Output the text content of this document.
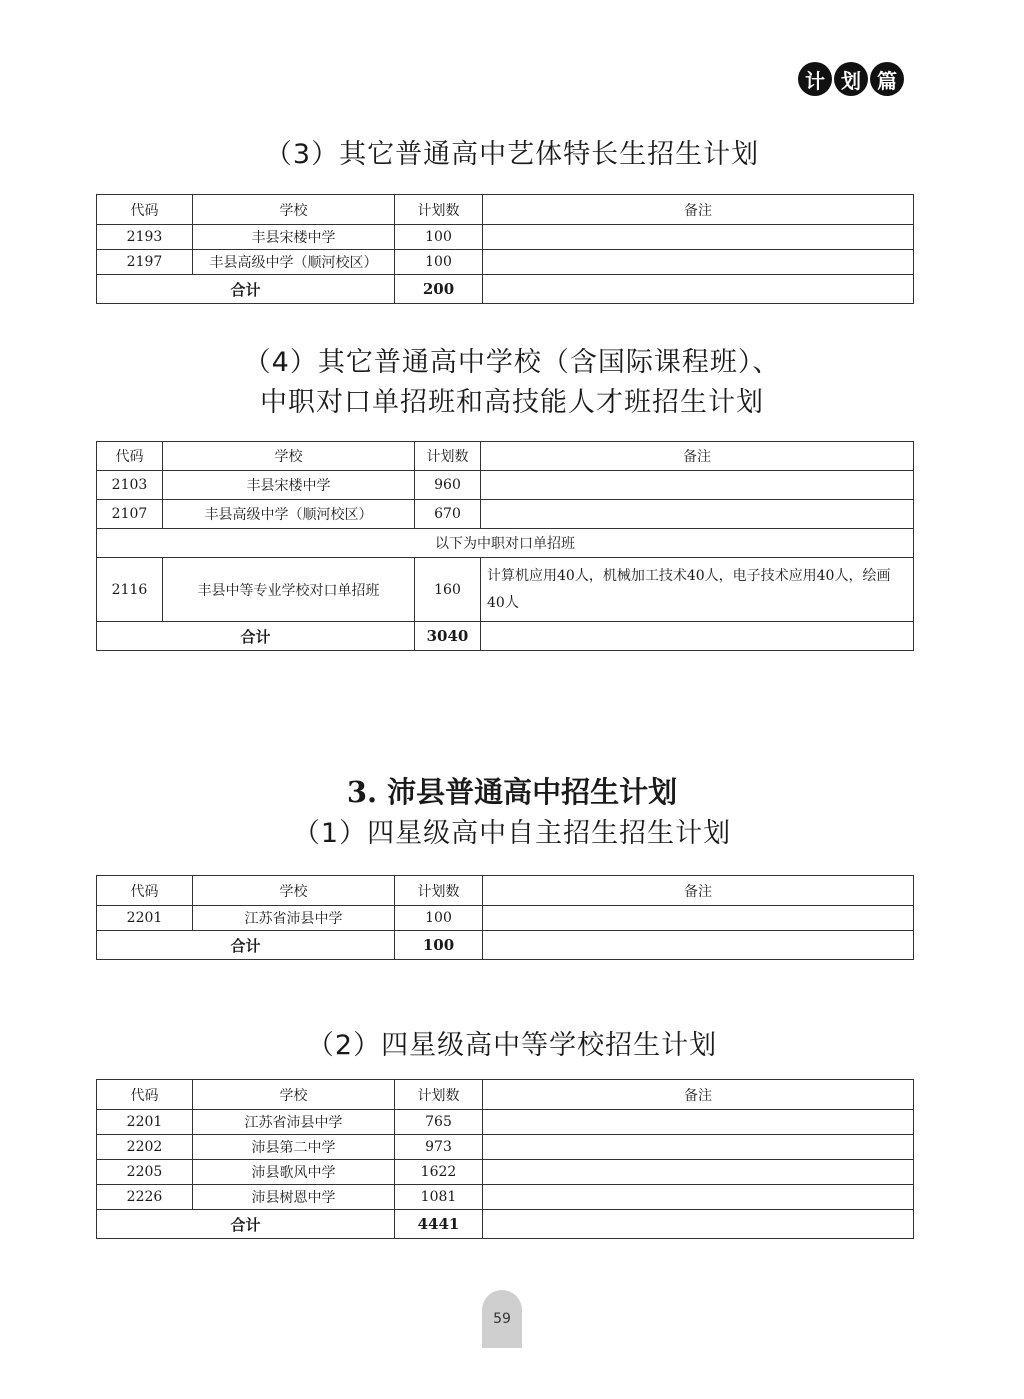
计 划 篇
（3）其它普通高中艺体特长生招生计划
代码	学校	计划数	备注
2193	丰县宋楼中学	100	
2197	丰县高级中学（顺河校区）	100	
合计		200	
（4）其它普通高中学校（含国际课程班）、
中职对口单招班和高技能人才班招生计划
代码	学校	计划数	备注
2103	丰县宋楼中学	960	
2107	丰县高级中学（顺河校区）	670	
以下为中职对口单招班			
2116	丰县中等专业学校对口单招班	160	计算机应用40人，机械加工技术40人，电子技术应用40人，绘画40人
合计		3040	
3. 沛县普通高中招生计划
（1）四星级高中自主招生招生计划
代码	学校	计划数	备注
2201	江苏省沛县中学	100	
合计		100	
（2）四星级高中等学校招生计划
代码	学校	计划数	备注
2201	江苏省沛县中学	765	
2202	沛县第二中学	973	
2205	沛县歌风中学	1622	
2226	沛县树恩中学	1081	
合计		4441	
59
